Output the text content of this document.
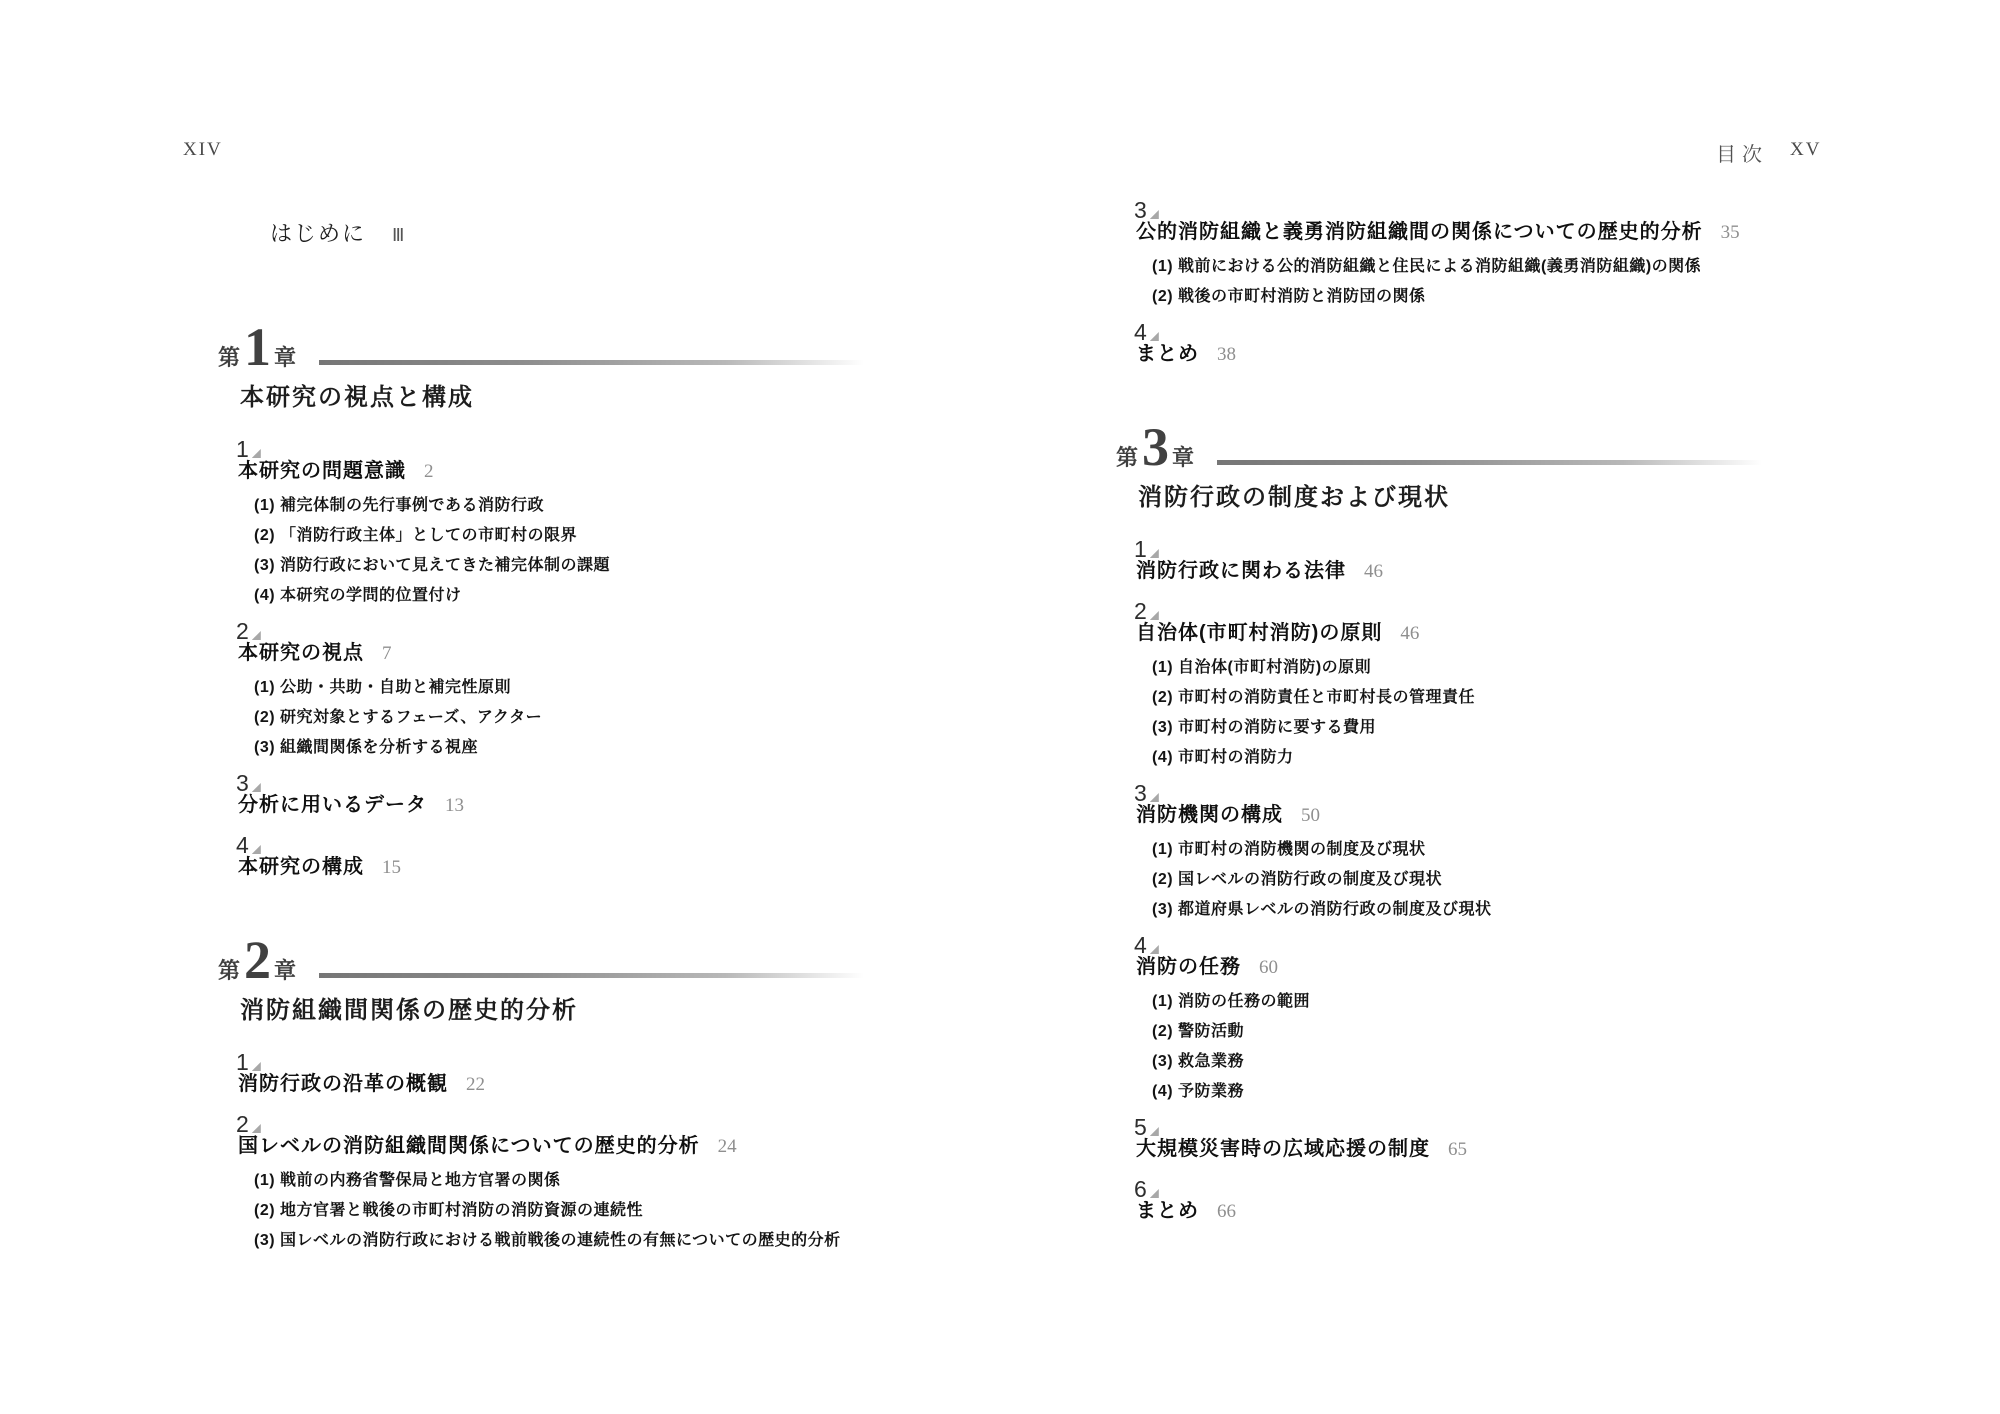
XIV	目次 XV
はじめに Ⅲ
第 1 章
本研究の視点と構成
1
本研究の問題意識 2
(1) 補完体制の先行事例である消防行政
(2) 「消防行政主体」としての市町村の限界
(3) 消防行政において見えてきた補完体制の課題
(4) 本研究の学問的位置付け
2
本研究の視点 7
(1) 公助・共助・自助と補完性原則
(2) 研究対象とするフェーズ、アクター
(3) 組織間関係を分析する視座
3
分析に用いるデータ 13
4
本研究の構成 15
第 2 章
消防組織間関係の歴史的分析
1
消防行政の沿革の概観 22
2
国レベルの消防組織間関係についての歴史的分析 24
(1) 戦前の内務省警保局と地方官署の関係
(2) 地方官署と戦後の市町村消防の消防資源の連続性
(3) 国レベルの消防行政における戦前戦後の連続性の有無についての歴史的分析
3
公的消防組織と義勇消防組織間の関係についての歴史的分析 35
(1) 戦前における公的消防組織と住民による消防組織(義勇消防組織)の関係
(2) 戦後の市町村消防と消防団の関係
4
まとめ 38
第 3 章
消防行政の制度および現状
1
消防行政に関わる法律 46
2
自治体(市町村消防)の原則 46
(1) 自治体(市町村消防)の原則
(2) 市町村の消防責任と市町村長の管理責任
(3) 市町村の消防に要する費用
(4) 市町村の消防力
3
消防機関の構成 50
(1) 市町村の消防機関の制度及び現状
(2) 国レベルの消防行政の制度及び現状
(3) 都道府県レベルの消防行政の制度及び現状
4
消防の任務 60
(1) 消防の任務の範囲
(2) 警防活動
(3) 救急業務
(4) 予防業務
5
大規模災害時の広域応援の制度 65
6
まとめ 66
